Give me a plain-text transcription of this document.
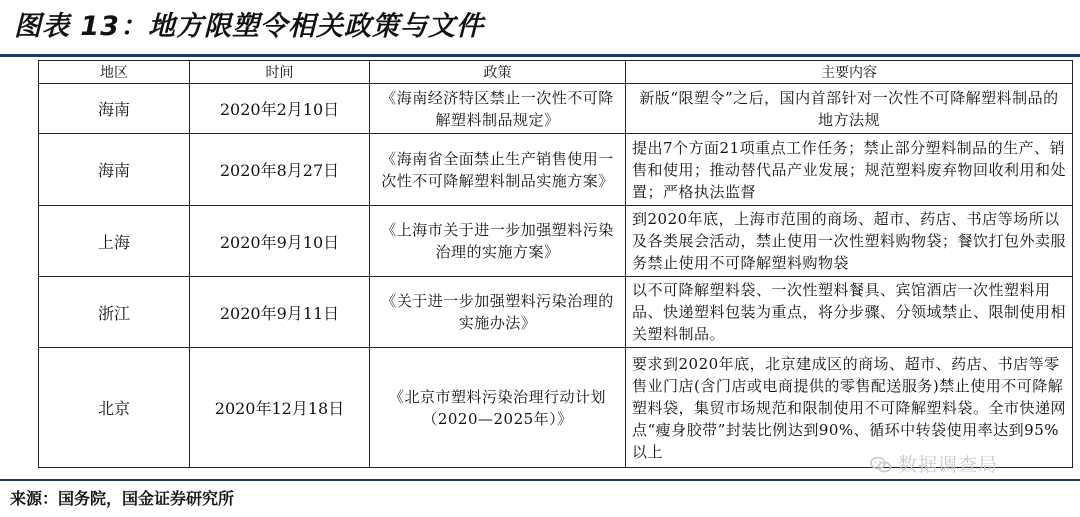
图表 13：地方限塑令相关政策与文件
地区	时间	政策	主要内容
海南	2020年2月10日	《海南经济特区禁止一次性不可降解塑料制品规定》	新版“限塑令”之后，国内首部针对一次性不可降解塑料制品的地方法规
海南	2020年8月27日	《海南省全面禁止生产销售使用一次性不可降解塑料制品实施方案》	提出7个方面21项重点工作任务；禁止部分塑料制品的生产、销售和使用；推动替代品产业发展；规范塑料废弃物回收利用和处置；严格执法监督
上海	2020年9月10日	《上海市关于进一步加强塑料污染治理的实施方案》	到2020年底，上海市范围的商场、超市、药店、书店等场所以及各类展会活动，禁止使用一次性塑料购物袋；餐饮打包外卖服务禁止使用不可降解塑料购物袋
浙江	2020年9月11日	《关于进一步加强塑料污染治理的实施办法》	以不可降解塑料袋、一次性塑料餐具、宾馆酒店一次性塑料用品、快递塑料包装为重点，将分步骤、分领域禁止、限制使用相关塑料制品。
北京	2020年12月18日	《北京市塑料污染治理行动计划（2020—2025年）》	要求到2020年底，北京建成区的商场、超市、药店、书店等零售业门店(含门店或电商提供的零售配送服务)禁止使用不可降解塑料袋，集贸市场规范和限制使用不可降解塑料袋。全市快递网点“瘦身胶带”封装比例达到90%、循环中转袋使用率达到95%以上
数据调查局
来源：国务院，国金证券研究所
